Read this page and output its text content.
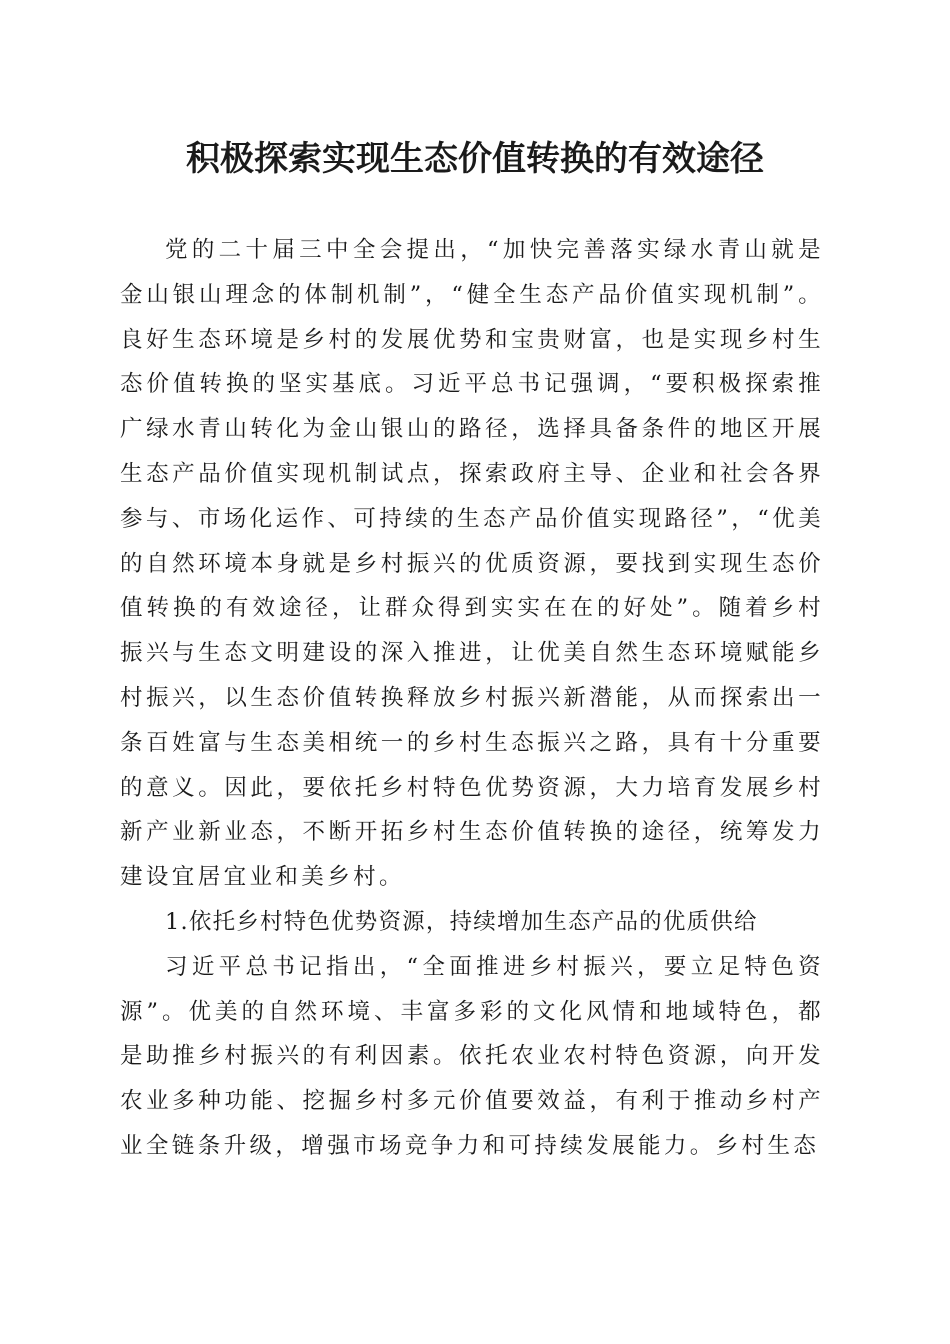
积极探索实现生态价值转换的有效途径

党的二十届三中全会提出，“加快完善落实绿水青山就是金山银山理念的体制机制”，“健全生态产品价值实现机制”。良好生态环境是乡村的发展优势和宝贵财富，也是实现乡村生态价值转换的坚实基底。习近平总书记强调，“要积极探索推广绿水青山转化为金山银山的路径，选择具备条件的地区开展生态产品价值实现机制试点，探索政府主导、企业和社会各界参与、市场化运作、可持续的生态产品价值实现路径”，“优美的自然环境本身就是乡村振兴的优质资源，要找到实现生态价值转换的有效途径，让群众得到实实在在的好处”。随着乡村振兴与生态文明建设的深入推进，让优美自然生态环境赋能乡村振兴，以生态价值转换释放乡村振兴新潜能，从而探索出一条百姓富与生态美相统一的乡村生态振兴之路，具有十分重要的意义。因此，要依托乡村特色优势资源，大力培育发展乡村新产业新业态，不断开拓乡村生态价值转换的途径，统筹发力建设宜居宜业和美乡村。

1.依托乡村特色优势资源，持续增加生态产品的优质供给

习近平总书记指出，“全面推进乡村振兴，要立足特色资源”。优美的自然环境、丰富多彩的文化风情和地域特色，都是助推乡村振兴的有利因素。依托农业农村特色资源，向开发农业多种功能、挖掘乡村多元价值要效益，有利于推动乡村产业全链条升级，增强市场竞争力和可持续发展能力。乡村生态
